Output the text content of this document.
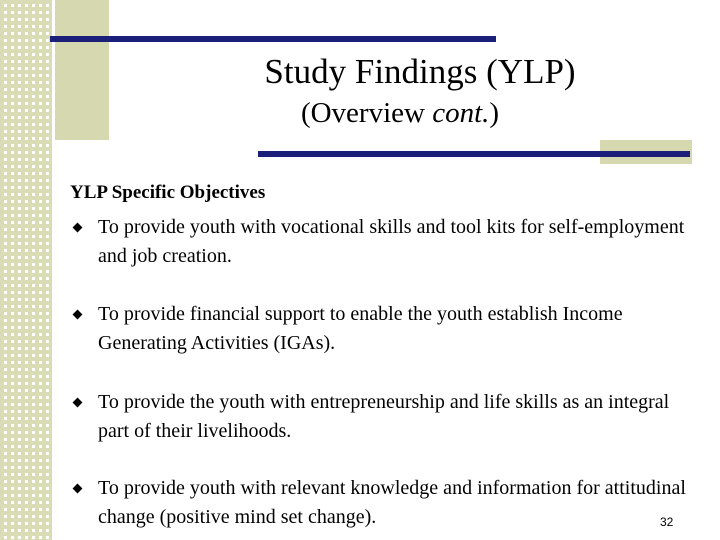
Study Findings (YLP)
(Overview cont.)
YLP Specific Objectives
To provide youth with vocational skills and tool kits for self-employment and job creation.
To provide financial support to enable the youth establish Income Generating Activities (IGAs).
To provide the youth with entrepreneurship and life skills as an integral part of their livelihoods.
To provide youth with relevant knowledge and information for attitudinal change (positive mind set change).	32
